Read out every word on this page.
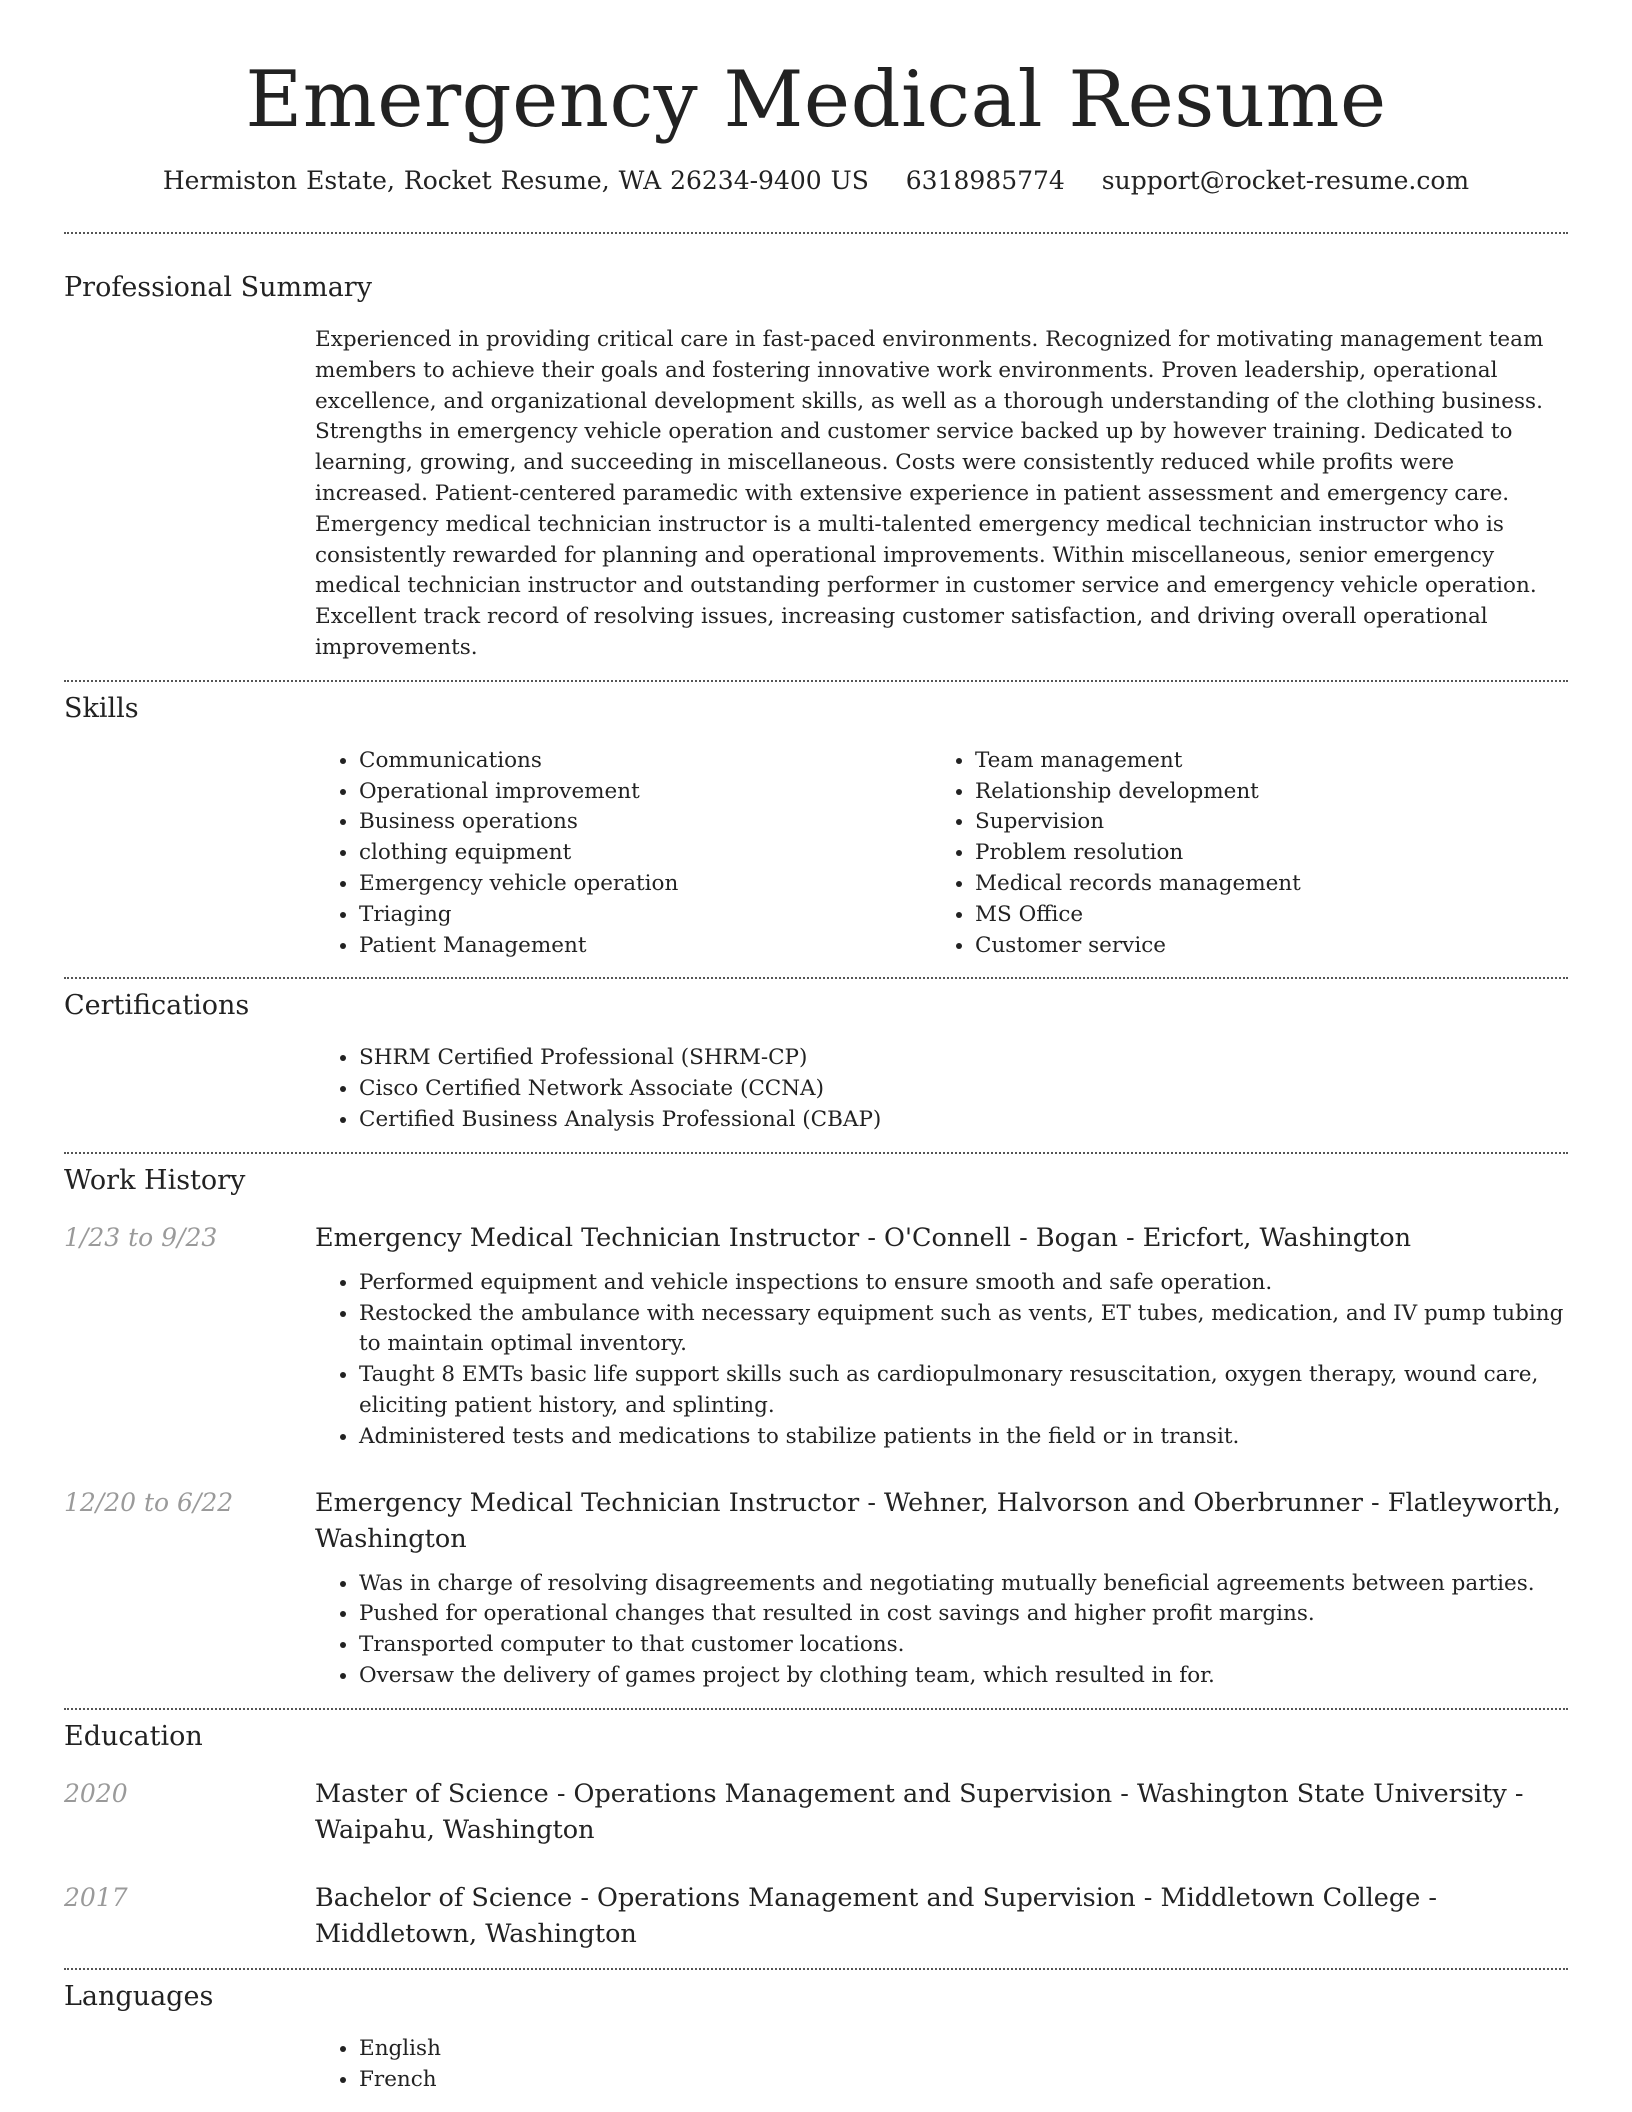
Emergency Medical Resume
Hermiston Estate, Rocket Resume, WA 26234-9400 US 6318985774 support@rocket-resume.com
Professional Summary

Experienced in providing critical care in fast-paced environments. Recognized for motivating management team members to achieve their goals and fostering innovative work environments. Proven leadership, operational excellence, and organizational development skills, as well as a thorough understanding of the clothing business. Strengths in emergency vehicle operation and customer service backed up by however training. Dedicated to learning, growing, and succeeding in miscellaneous. Costs were consistently reduced while profits were increased. Patient-centered paramedic with extensive experience in patient assessment and emergency care. Emergency medical technician instructor is a multi-talented emergency medical technician instructor who is consistently rewarded for planning and operational improvements. Within miscellaneous, senior emergency medical technician instructor and outstanding performer in customer service and emergency vehicle operation. Excellent track record of resolving issues, increasing customer satisfaction, and driving overall operational improvements.

Skills
• Communications
• Operational improvement
• Business operations
• clothing equipment
• Emergency vehicle operation
• Triaging
• Patient Management
• Team management
• Relationship development
• Supervision
• Problem resolution
• Medical records management
• MS Office
• Customer service
Certifications
• SHRM Certified Professional (SHRM-CP)
• Cisco Certified Network Associate (CCNA)
• Certified Business Analysis Professional (CBAP)
Work History
1/23 to 9/23	Emergency Medical Technician Instructor - O'Connell - Bogan - Ericfort, Washington

• Performed equipment and vehicle inspections to ensure smooth and safe operation.
• Restocked the ambulance with necessary equipment such as vents, ET tubes, medication, and IV pump tubing to maintain optimal inventory.
• Taught 8 EMTs basic life support skills such as cardiopulmonary resuscitation, oxygen therapy, wound care, eliciting patient history, and splinting.
• Administered tests and medications to stabilize patients in the field or in transit.
12/20 to 6/22	Emergency Medical Technician Instructor - Wehner, Halvorson and Oberbrunner - Flatleyworth, Washington

• Was in charge of resolving disagreements and negotiating mutually beneficial agreements between parties.
• Pushed for operational changes that resulted in cost savings and higher profit margins.
• Transported computer to that customer locations.
• Oversaw the delivery of games project by clothing team, which resulted in for.
Education
2020	Master of Science - Operations Management and Supervision - Washington State University - Waipahu, Washington

2017	Bachelor of Science - Operations Management and Supervision - Middletown College - Middletown, Washington

Languages
• English
• French
